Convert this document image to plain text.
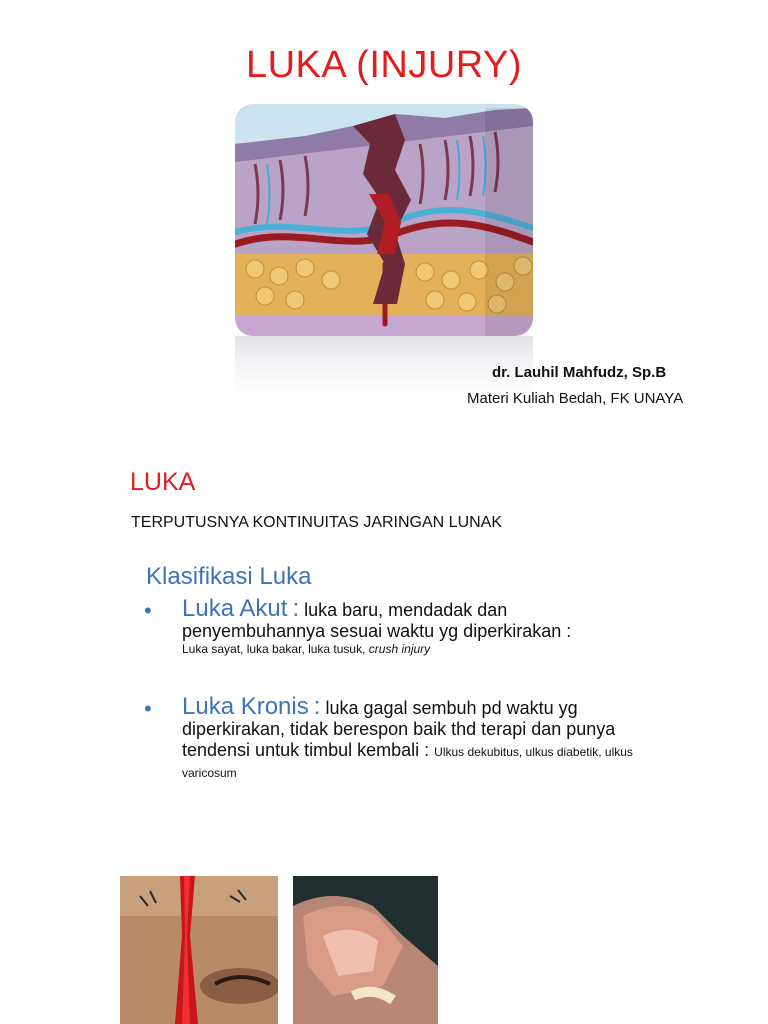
LUKA (INJURY)
dr. Lauhil Mahfudz, Sp.B
Materi Kuliah Bedah, FK UNAYA
LUKA
TERPUTUSNYA KONTINUITAS JARINGAN LUNAK
Klasifikasi Luka
• Luka Akut : luka baru, mendadak dan penyembuhannya sesuai waktu yg diperkirakan :
Luka sayat, luka bakar, luka tusuk, crush injury
• Luka Kronis : luka gagal sembuh pd waktu yg diperkirakan, tidak berespon baik thd terapi dan punya tendensi untuk timbul kembali : Ulkus dekubitus, ulkus diabetik, ulkus varicosum
